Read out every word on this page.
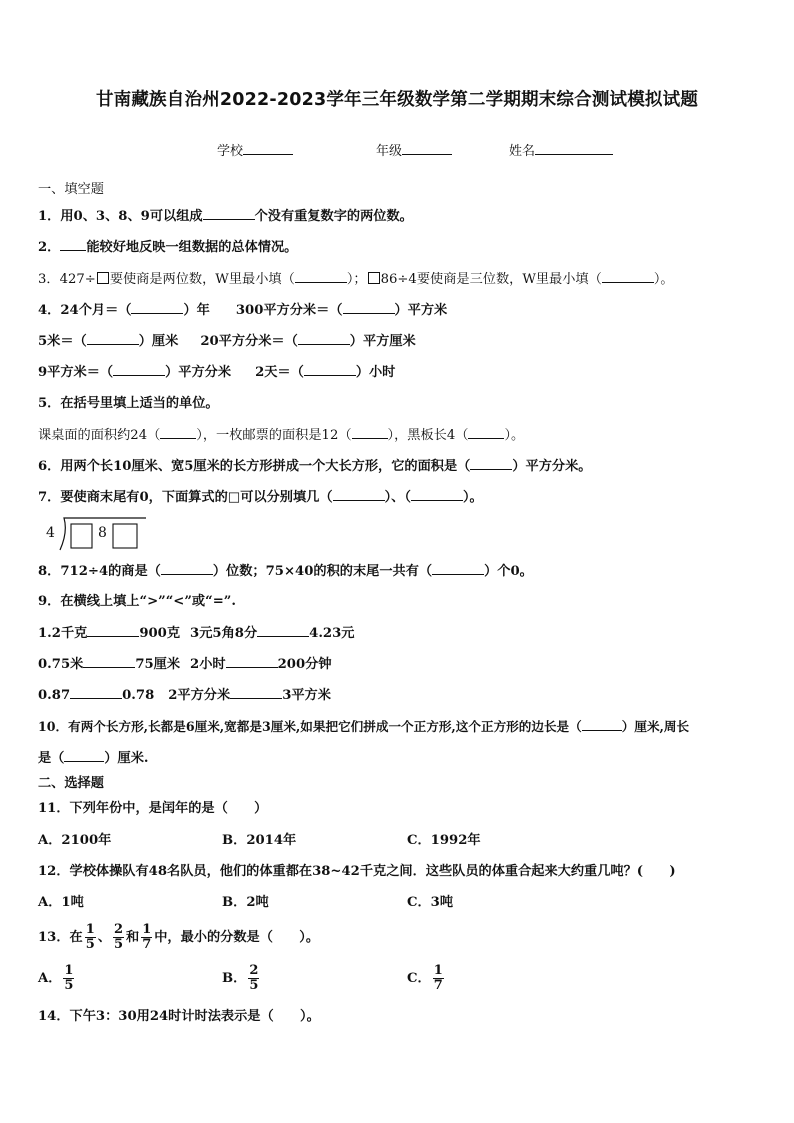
甘南藏族自治州2022-2023学年三年级数学第二学期期末综合测试模拟试题
学校	年级	姓名
一、填空题
1．用0、3、8、9可以组成	个没有重复数字的两位数。
2． 能较好地反映一组数据的总体情况。
3．427÷ 要使商是两位数，W里最小填（	）； 86÷4要使商是三位数，W里最小填（	）。
4．24个月＝（	）年 300平方分米＝（	）平方米
5米＝（	）厘米 20平方分米＝（	）平方厘米
9平方米＝（	）平方分米 2天＝（	）小时
5．在括号里填上适当的单位。
课桌面的面积约24（	），一枚邮票的面积是12（	），黑板长4（	）。
6．用两个长10厘米、宽5厘米的长方形拼成一个大长方形，它的面积是（	）平方分米。
7．要使商末尾有0，下面算式的□可以分别填几（	）、（	）。
4	8
8．712÷4的商是（	）位数；75×40的积的末尾一共有（	）个0。
9．在横线上填上“>”“<”或“=”.
1.2千克	900克 3元5角8分	4.23元
0.75米	75厘米 2小时	200分钟
0.87	0.78 2平方分米	3平方米
10．有两个长方形,长都是6厘米,宽都是3厘米,如果把它们拼成一个正方形,这个正方形的边长是（	）厘米,周长
是（	）厘米.
二、选择题
11．下列年份中，是闰年的是（　　）
A．2100年	B．2014年	C．1992年
12．学校体操队有48名队员，他们的体重都在38~42千克之间．这些队员的体重合起来大约重几吨？(　　)
A．1吨	B．2吨	C．3吨
13．在 $\frac{1}{5}$ 、 $\frac{2}{5}$ 和 $\frac{1}{7}$ 中，最小的分数是（　　）。
A． $\frac{1}{5}$	B． $\frac{2}{5}$	C． $\frac{1}{7}$
14．下午3：30用24时计时法表示是（　　）。
